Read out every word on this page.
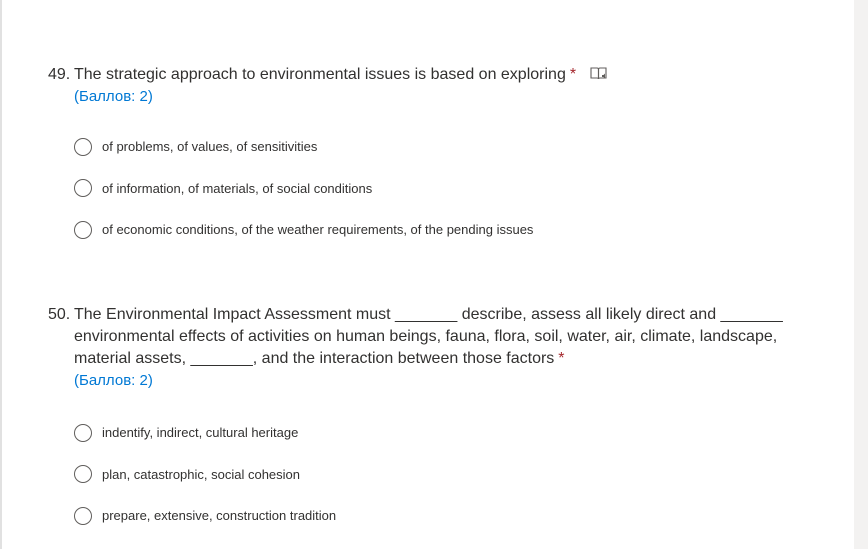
49. The strategic approach to environmental issues is based on exploring *
(Баллов: 2)
of problems, of values, of sensitivities
of information, of materials, of social conditions
of economic conditions, of the weather requirements, of the pending issues
50. The Environmental Impact Assessment must _______ describe, assess all likely direct and _______ environmental effects of activities on human beings, fauna, flora, soil, water, air, climate, landscape, material assets, _______, and the interaction between those factors *
(Баллов: 2)
indentify, indirect, cultural heritage
plan, catastrophic, social cohesion
prepare, extensive, construction tradition
